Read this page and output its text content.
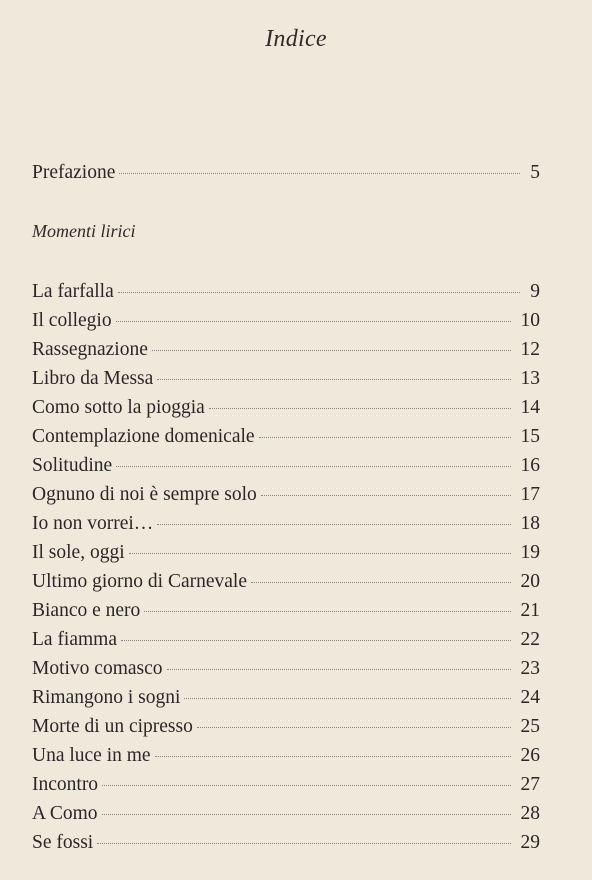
Indice
Prefazione	5
Momenti lirici
La farfalla	9
Il collegio	10
Rassegnazione	12
Libro da Messa	13
Como sotto la pioggia	14
Contemplazione domenicale	15
Solitudine	16
Ognuno di noi è sempre solo	17
Io non vorrei…	18
Il sole, oggi	19
Ultimo giorno di Carnevale	20
Bianco e nero	21
La fiamma	22
Motivo comasco	23
Rimangono i sogni	24
Morte di un cipresso	25
Una luce in me	26
Incontro	27
A Como	28
Se fossi	29
